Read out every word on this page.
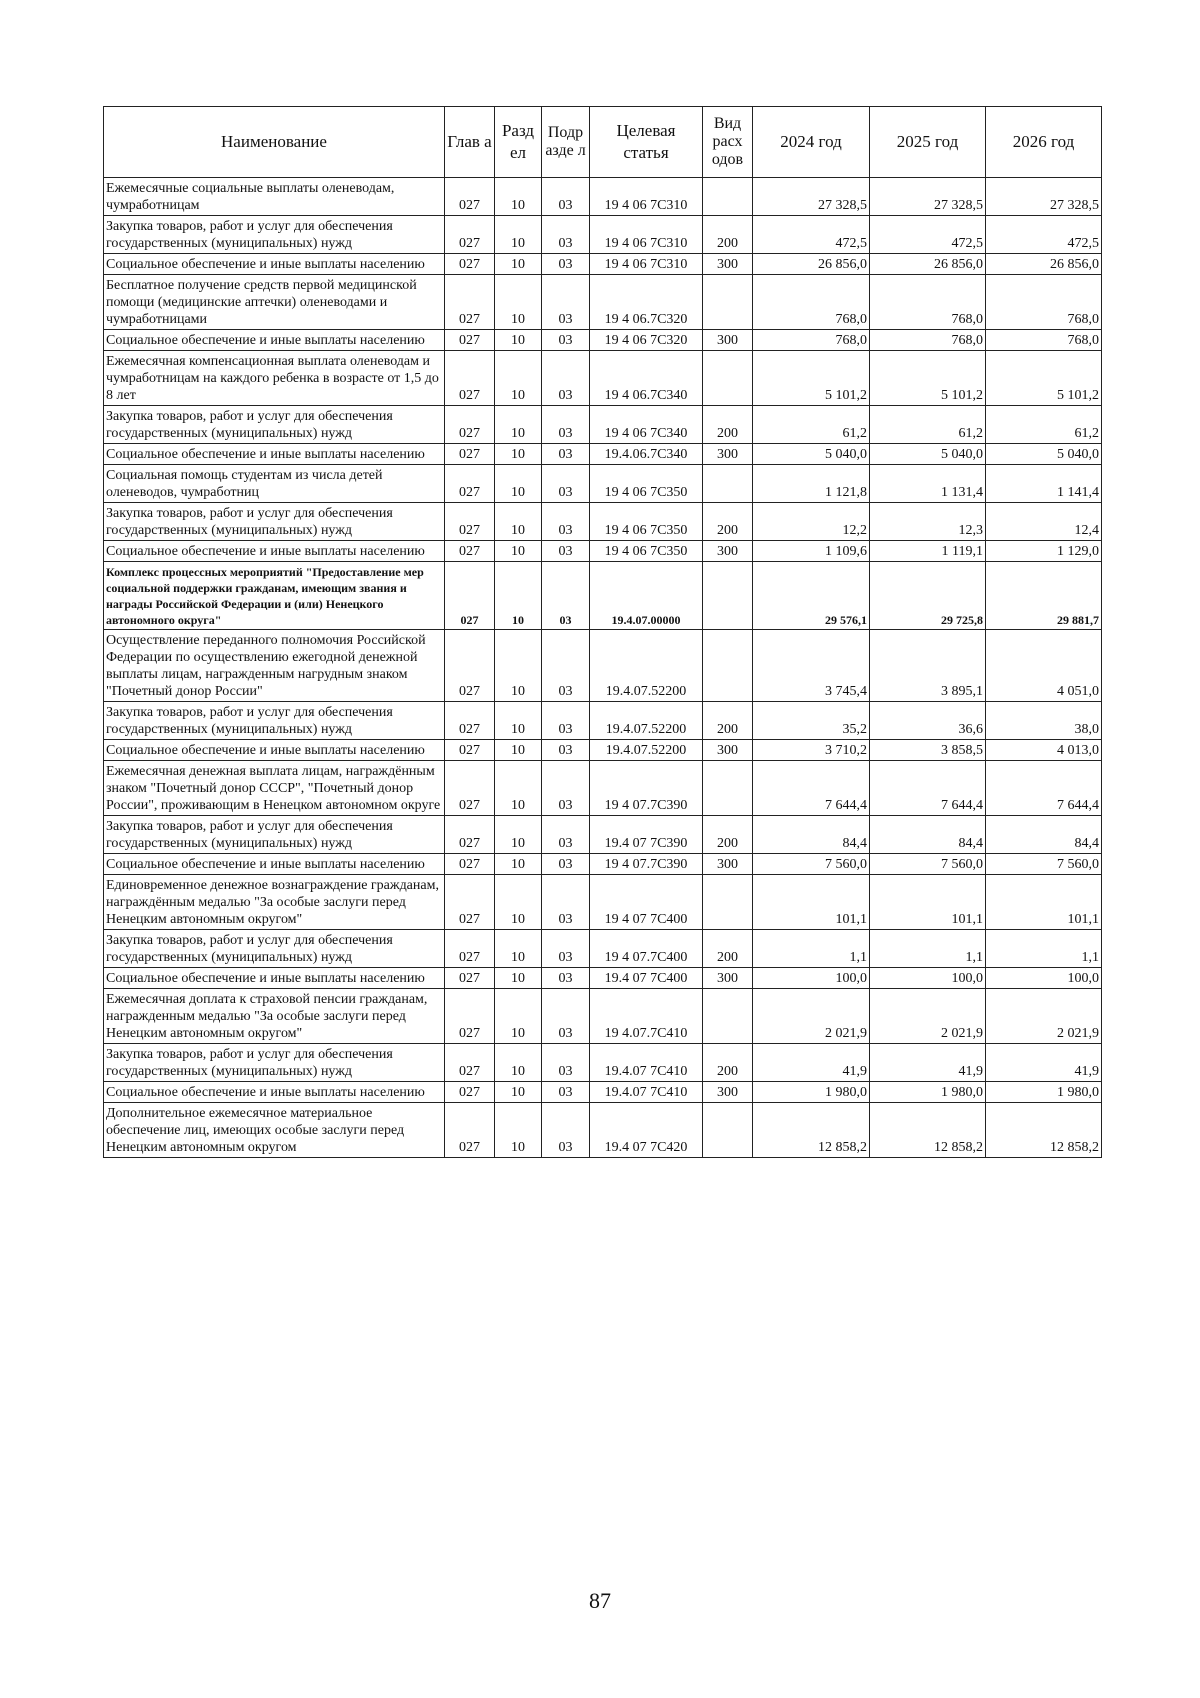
Наименование	Глав а	Разд ел	Подр азде л	Целевая статья	Вид расх одов	2024 год	2025 год	2026 год
Ежемесячные социальные выплаты оленеводам, чумработницам	027	10	03	19 4 06 7C310		27 328,5	27 328,5	27 328,5
Закупка товаров, работ и услуг для обеспечения государственных (муниципальных) нужд	027	10	03	19 4 06 7C310	200	472,5	472,5	472,5
Социальное обеспечение и иные выплаты населению	027	10	03	19 4 06 7C310	300	26 856,0	26 856,0	26 856,0
Бесплатное получение средств первой медицинской помощи (медицинские аптечки) оленеводами и чумработницами	027	10	03	19 4 06.7C320		768,0	768,0	768,0
Социальное обеспечение и иные выплаты населению	027	10	03	19 4 06 7C320	300	768,0	768,0	768,0
Ежемесячная компенсационная выплата оленеводам и чумработницам на каждого ребенка в возрасте от 1,5 до 8 лет	027	10	03	19 4 06.7C340		5 101,2	5 101,2	5 101,2
Закупка товаров, работ и услуг для обеспечения государственных (муниципальных) нужд	027	10	03	19 4 06 7C340	200	61,2	61,2	61,2
Социальное обеспечение и иные выплаты населению	027	10	03	19.4.06.7C340	300	5 040,0	5 040,0	5 040,0
Социальная помощь студентам из числа детей оленеводов, чумработниц	027	10	03	19 4 06 7C350		1 121,8	1 131,4	1 141,4
Закупка товаров, работ и услуг для обеспечения государственных (муниципальных) нужд	027	10	03	19 4 06 7C350	200	12,2	12,3	12,4
Социальное обеспечение и иные выплаты населению	027	10	03	19 4 06 7C350	300	1 109,6	1 119,1	1 129,0
Комплекс процессных мероприятий "Предоставление мер социальной поддержки гражданам, имеющим звания и награды Российской Федерации и (или) Ненецкого автономного округа"	027	10	03	19.4.07.00000		29 576,1	29 725,8	29 881,7
Осуществление переданного полномочия Российской Федерации по осуществлению ежегодной денежной выплаты лицам, награжденным нагрудным знаком "Почетный донор России"	027	10	03	19.4.07.52200		3 745,4	3 895,1	4 051,0
Закупка товаров, работ и услуг для обеспечения государственных (муниципальных) нужд	027	10	03	19.4.07.52200	200	35,2	36,6	38,0
Социальное обеспечение и иные выплаты населению	027	10	03	19.4.07.52200	300	3 710,2	3 858,5	4 013,0
Ежемесячная денежная выплата лицам, награждённым знаком "Почетный донор СССР", "Почетный донор России", проживающим в Ненецком автономном округе	027	10	03	19 4 07.7C390		7 644,4	7 644,4	7 644,4
Закупка товаров, работ и услуг для обеспечения государственных (муниципальных) нужд	027	10	03	19.4 07 7C390	200	84,4	84,4	84,4
Социальное обеспечение и иные выплаты населению	027	10	03	19 4 07.7C390	300	7 560,0	7 560,0	7 560,0
Единовременное денежное вознаграждение гражданам, награждённым медалью "За особые заслуги перед Ненецким автономным округом"	027	10	03	19 4 07 7C400		101,1	101,1	101,1
Закупка товаров, работ и услуг для обеспечения государственных (муниципальных) нужд	027	10	03	19 4 07.7C400	200	1,1	1,1	1,1
Социальное обеспечение и иные выплаты населению	027	10	03	19.4 07 7C400	300	100,0	100,0	100,0
Ежемесячная доплата к страховой пенсии гражданам, награжденным медалью "За особые заслуги перед Ненецким автономным округом"	027	10	03	19 4.07.7C410		2 021,9	2 021,9	2 021,9
Закупка товаров, работ и услуг для обеспечения государственных (муниципальных) нужд	027	10	03	19.4.07 7C410	200	41,9	41,9	41,9
Социальное обеспечение и иные выплаты населению	027	10	03	19.4.07 7C410	300	1 980,0	1 980,0	1 980,0
Дополнительное ежемесячное материальное обеспечение лиц, имеющих особые заслуги перед Ненецким автономным округом	027	10	03	19.4 07 7C420		12 858,2	12 858,2	12 858,2
87
